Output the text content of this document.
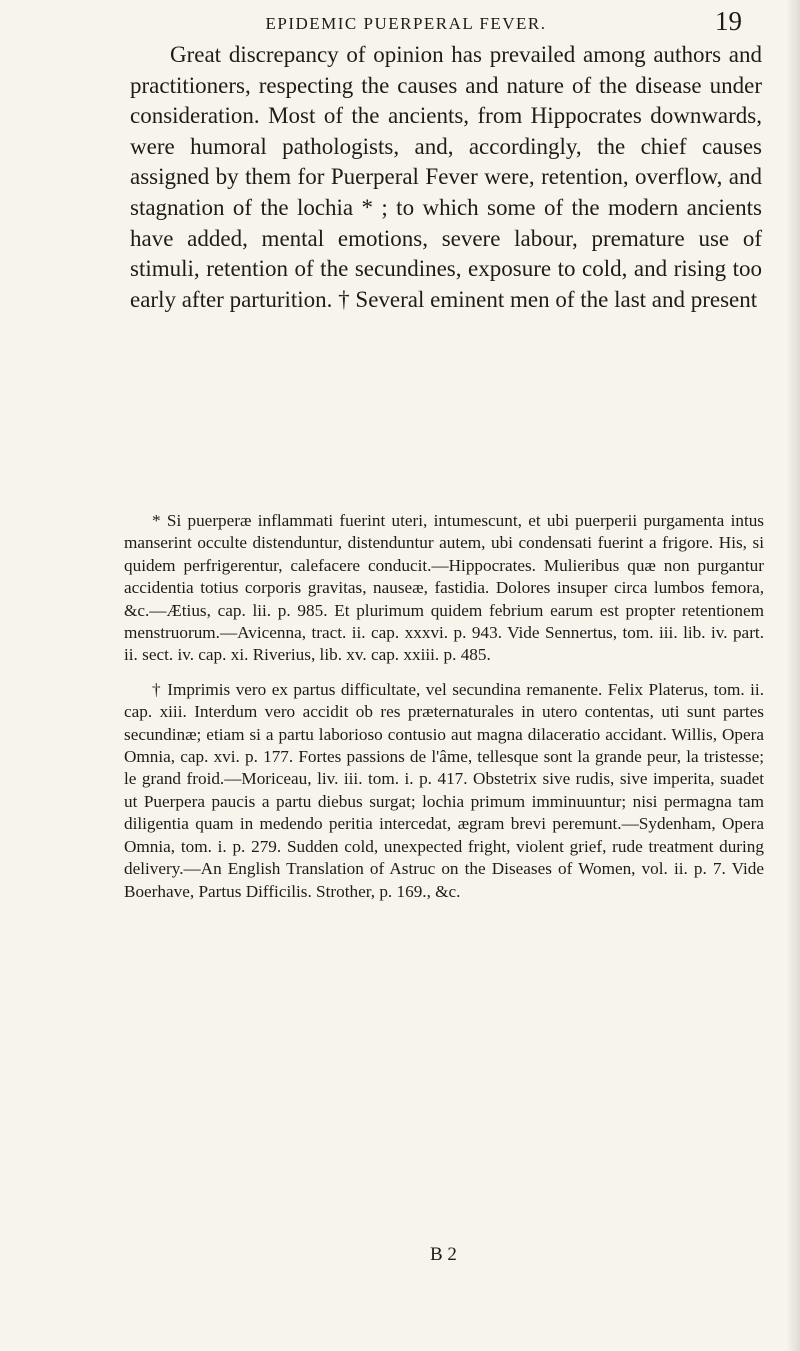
EPIDEMIC PUERPERAL FEVER.	19

Great discrepancy of opinion has prevailed among authors and practitioners, respecting the causes and nature of the disease under consideration. Most of the ancients, from Hippocrates downwards, were humoral pathologists, and, accordingly, the chief causes assigned by them for Puerperal Fever were, retention, overflow, and stagnation of the lochia * ; to which some of the modern ancients have added, mental emotions, severe labour, premature use of stimuli, retention of the secundines, exposure to cold, and rising too early after parturition. † Several eminent men of the last and present

* Si puerperæ inflammati fuerint uteri, intumescunt, et ubi puerperii purgamenta intus manserint occulte distenduntur, distenduntur autem, ubi condensati fuerint a frigore. His, si quidem perfrigerentur, calefacere conducit.—Hippocrates. Mulieribus quæ non purgantur accidentia totius corporis gravitas, nauseæ, fastidia. Dolores insuper circa lumbos femora, &c.—Ætius, cap. lii. p. 985. Et plurimum quidem febrium earum est propter retentionem menstruorum.—Avicenna, tract. ii. cap. xxxvi. p. 943. Vide Sennertus, tom. iii. lib. iv. part. ii. sect. iv. cap. xi. Riverius, lib. xv. cap. xxiii. p. 485.

† Imprimis vero ex partus difficultate, vel secundina remanente. Felix Platerus, tom. ii. cap. xiii. Interdum vero accidit ob res præternaturales in utero contentas, uti sunt partes secundinæ; etiam si a partu laborioso contusio aut magna dilaceratio accidant. Willis, Opera Omnia, cap. xvi. p. 177. Fortes passions de l'âme, tellesque sont la grande peur, la tristesse; le grand froid.—Moriceau, liv. iii. tom. i. p. 417. Obstetrix sive rudis, sive imperita, suadet ut Puerpera paucis a partu diebus surgat; lochia primum imminuuntur; nisi permagna tam diligentia quam in medendo peritia intercedat, ægram brevi peremunt.—Sydenham, Opera Omnia, tom. i. p. 279. Sudden cold, unexpected fright, violent grief, rude treatment during delivery.—An English Translation of Astruc on the Diseases of Women, vol. ii. p. 7. Vide Boerhave, Partus Difficilis. Strother, p. 169., &c.

B 2
